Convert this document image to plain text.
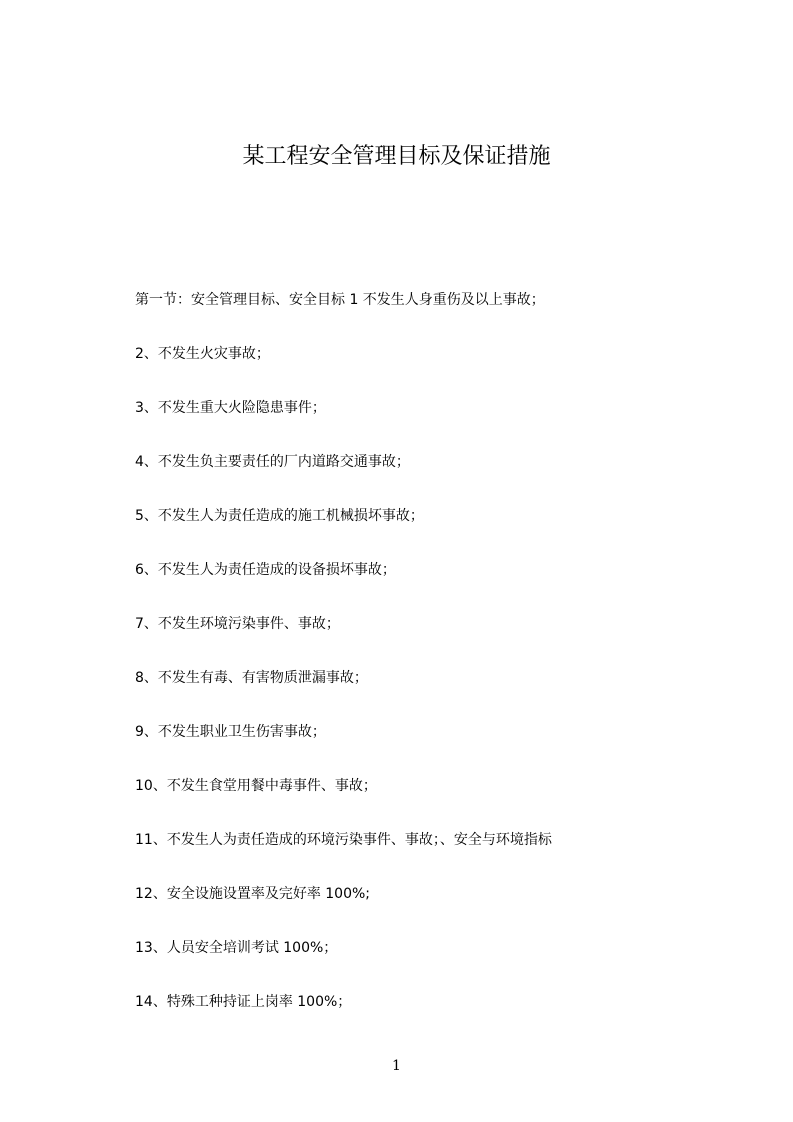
某工程安全管理目标及保证措施
第一节：安全管理目标、安全目标 1 不发生人身重伤及以上事故；
2、不发生火灾事故；
3、不发生重大火险隐患事件；
4、不发生负主要责任的厂内道路交通事故；
5、不发生人为责任造成的施工机械损坏事故；
6、不发生人为责任造成的设备损坏事故；
7、不发生环境污染事件、事故；
8、不发生有毒、有害物质泄漏事故；
9、不发生职业卫生伤害事故；
10、不发生食堂用餐中毒事件、事故；
11、不发生人为责任造成的环境污染事件、事故；、安全与环境指标
12、安全设施设置率及完好率 100%;
13、人员安全培训考试 100%；
14、特殊工种持证上岗率 100%；
1
